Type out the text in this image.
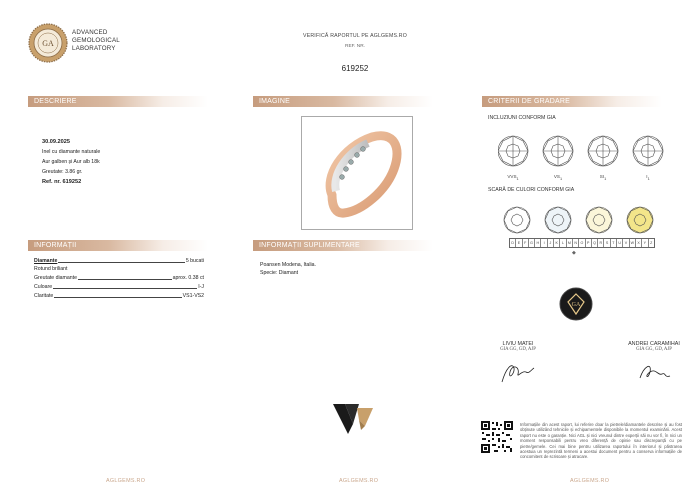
GA
ADVANCED
GEMOLOGICAL
LABORATORY
VERIFICĂ RAPORTUL PE AGLGEMS.RO
REF. NR.
619252
DESCRIERE	IMAGINE	CRITERII DE GRADARE
INFORMAȚII	INFORMAȚII SUPLIMENTARE
30.09.2025
Inel cu diamante naturale
Aur galben și Aur alb 18k
Greutate: 3.86 gr.
Ref. nr. 619252
Diamante	5 bucati
Rotund briliant
Greutate diamante	aprox. 0.38 ct
Culoare	I-J
Claritate	VS1-VS2
Poansen Modena, Italia.
Specie: Diamant
INCLUZIUNI CONFORM GIA
$VVS_1$	$VS_1$	$SI_1$	$I_1$
SCARĂ DE CULORI CONFORM GIA
D	E	F	G H	I	J	K	L	M N O	P	Q R	S	T	U	V W X	Y	Z
◆
GA
LIVIU MATEI
GIA GG, GD, AJP
ANDREI CARAMIHAI
GIA GG, GD, AJP
Informațiile din acest raport, lui referire doar la pietrele/diamantele descrise și au fost obținute utilizând tehnicile și echipamentele disponibile la momentul examinării. Acest raport nu este o garanție. Nici AGL și nici vreunul dintre experții săi nu vor fi, în nici un moment responsabili pentru vreo diferență de opinie sau discrepanță cu pe pietre/gemele. Cei mai bine pentru utilizarea raportului în interiorul și păstrarea acestuia un reprezintă termeni a acestui document pentru a conserva informațiile de concomitent de scrisoare și atracare.
AGLGEMS.RO	AGLGEMS.RO	AGLGEMS.RO
